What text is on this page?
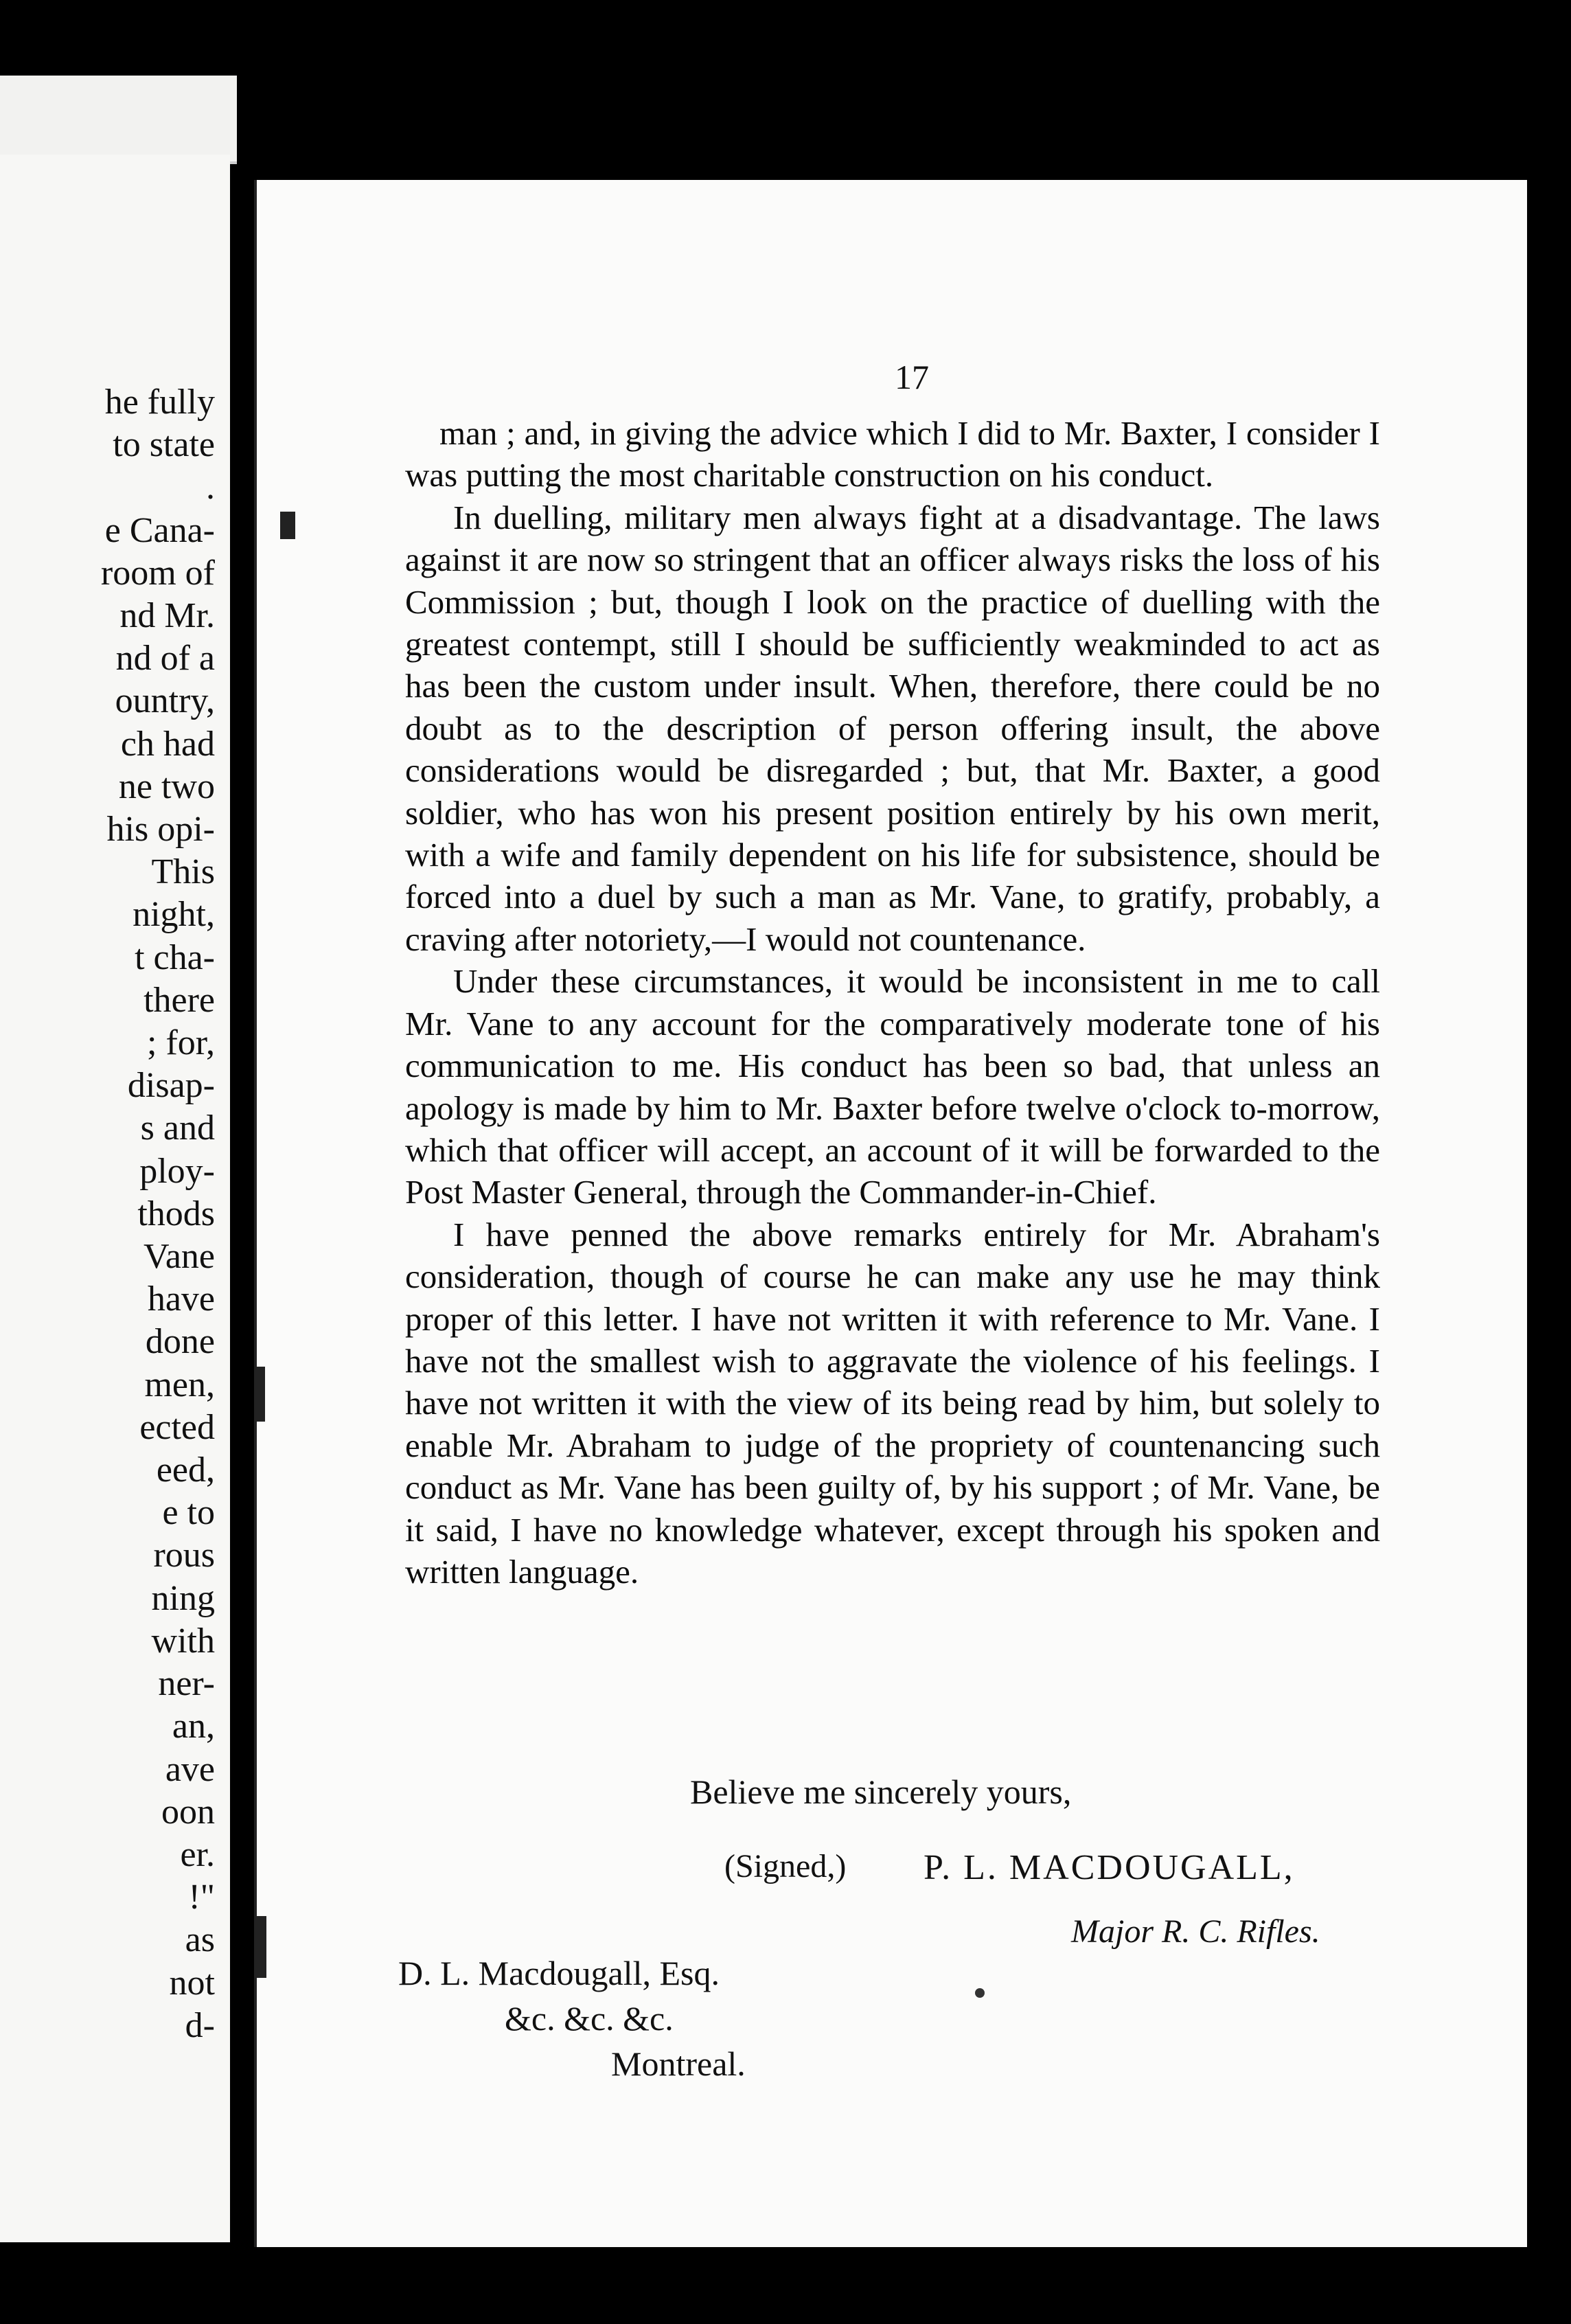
he fully
to state
.
e Cana-
room of
nd Mr.
nd of a
ountry,
ch had
ne two
his opi-
This
night,
t cha-
there
; for,
disap-
s and
ploy-
thods
Vane
have
done
men,
ected
eed,
e to
rous
ning
with
ner-
an,
ave
oon
er.
!"
as
not
d-
17

man ; and, in giving the advice which I did to Mr. Baxter, I consider I was putting the most charitable construction on his conduct.

In duelling, military men always fight at a disadvantage. The laws against it are now so stringent that an officer always risks the loss of his Commission ; but, though I look on the practice of duelling with the greatest contempt, still I should be sufficiently weakminded to act as has been the custom under insult. When, therefore, there could be no doubt as to the description of person offering insult, the above considerations would be disregarded ; but, that Mr. Baxter, a good soldier, who has won his present position entirely by his own merit, with a wife and family dependent on his life for subsistence, should be forced into a duel by such a man as Mr. Vane, to gratify, probably, a craving after notoriety,—I would not countenance.

Under these circumstances, it would be inconsistent in me to call Mr. Vane to any account for the comparatively moderate tone of his communication to me. His conduct has been so bad, that unless an apology is made by him to Mr. Baxter before twelve o'clock to-morrow, which that officer will accept, an account of it will be forwarded to the Post Master General, through the Commander-in-Chief.

I have penned the above remarks entirely for Mr. Abraham's consideration, though of course he can make any use he may think proper of this letter. I have not written it with reference to Mr. Vane. I have not the smallest wish to aggravate the violence of his feelings. I have not written it with the view of its being read by him, but solely to enable Mr. Abraham to judge of the propriety of countenancing such conduct as Mr. Vane has been guilty of, by his support ; of Mr. Vane, be it said, I have no knowledge whatever, except through his spoken and written language.

Believe me sincerely yours,
(Signed,) P. L. MACDOUGALL,
Major R. C. Rifles.
D. L. Macdougall, Esq.
&c. &c. &c.
Montreal.
